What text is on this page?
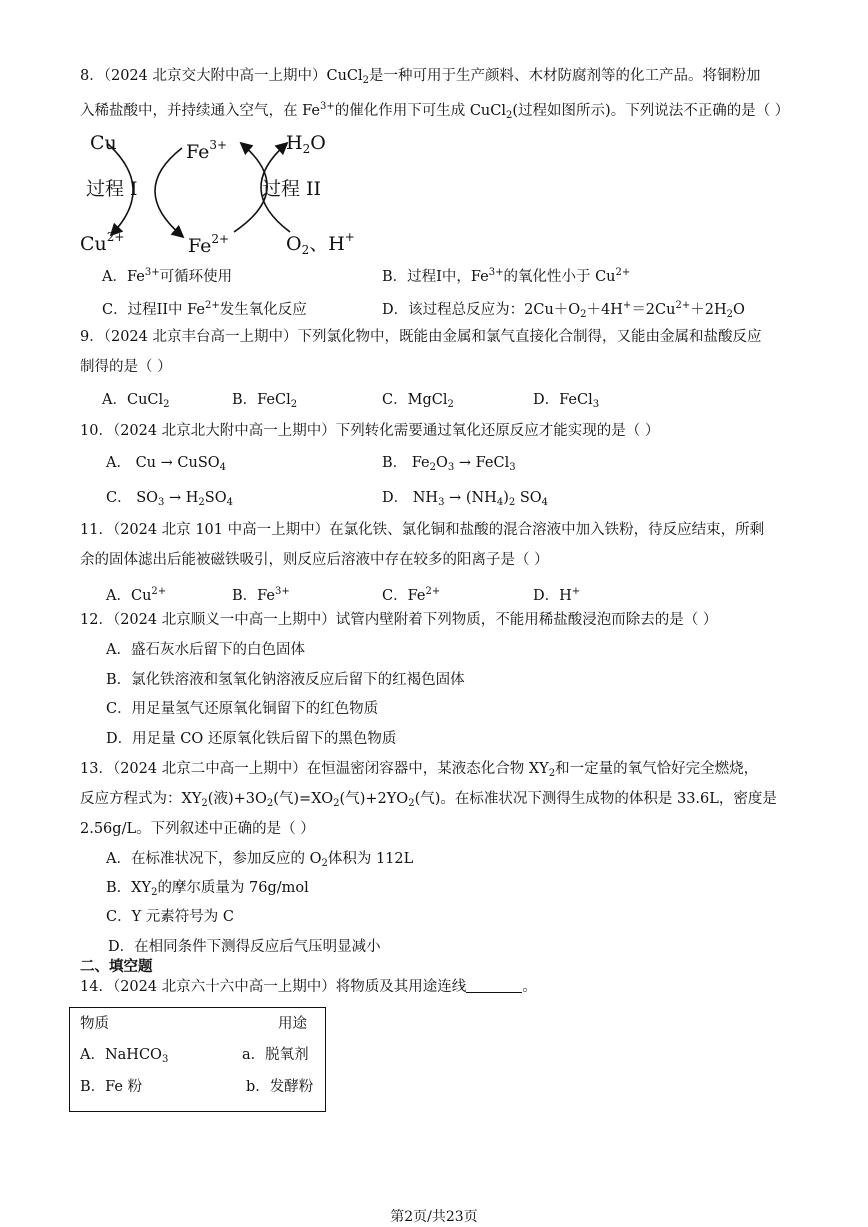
8．（2024 北京交大附中高一上期中）CuCl$_2$是一种可用于生产颜料、木材防腐剂等的化工产品。将铜粉加
入稀盐酸中，并持续通入空气，在 $Fe^{3+}$的催化作用下可生成 CuCl$_2$(过程如图所示)。下列说法不正确的是（ ）
Cu	$Fe^{3+}$	$H_2O$
过程 I	过程 II
$Cu^{2+}$	$Fe^{2+}$	$O_2$、H+
A．$Fe^{3+}$可循环使用	B．过程I中，$Fe^{3+}$的氧化性小于 $Cu^{2+}$
C．过程II中 $Fe^{2+}$发生氧化反应	D．该过程总反应为：$2Cu+O_2+4H^+=2Cu^{2+}+2H_2O$
9．（2024 北京丰台高一上期中）下列氯化物中，既能由金属和氯气直接化合制得，又能由金属和盐酸反应
制得的是（ ）
A．CuCl$_2$	B．FeCl$_2$	C．MgCl$_2$	D．FeCl$_3$
10．（2024 北京北大附中高一上期中）下列转化需要通过氧化还原反应才能实现的是（ ）
A． Cu → CuSO$_4$	B． $Fe_2O_3$ → FeCl$_3$
C． $SO_3 \to H_2SO_4$	D． $NH_3 \to (NH_4)_2$ $SO_4$
11．（2024 北京 101 中高一上期中）在氯化铁、氯化铜和盐酸的混合溶液中加入铁粉，待反应结束，所剩
余的固体滤出后能被磁铁吸引，则反应后溶液中存在较多的阳离子是（ ）
A．$Cu^{2+}$	B．$Fe^{3+}$	C．$Fe^{2+}$	D．H+
12．（2024 北京顺义一中高一上期中）试管内壁附着下列物质，不能用稀盐酸浸泡而除去的是（ ）
A．盛石灰水后留下的白色固体
B．氯化铁溶液和氢氧化钠溶液反应后留下的红褐色固体
C．用足量氢气还原氧化铜留下的红色物质
D．用足量 CO 还原氧化铁后留下的黑色物质
13．（2024 北京二中高一上期中）在恒温密闭容器中，某液态化合物 $XY_2$和一定量的氧气恰好完全燃烧，
反应方程式为：$XY_2$(液)$+3O_2$(气)$=XO_2$(气)$+2YO_2$(气)。在标准状况下测得生成物的体积是 33.6L，密度是
2.56g/L。下列叙述中正确的是（ ）
A．在标准状况下，参加反应的 $O_2$体积为 112L
B．$XY_2$的摩尔质量为 76g/mol
C．Y 元素符号为 C
D．在相同条件下测得反应后气压明显减小
二、填空题
14．（2024 北京六十六中高一上期中）将物质及其用途连线	。
物质	用途
A．NaHCO$_3$	a．脱氧剂
B．Fe 粉	b．发酵粉
第2页/共23页
